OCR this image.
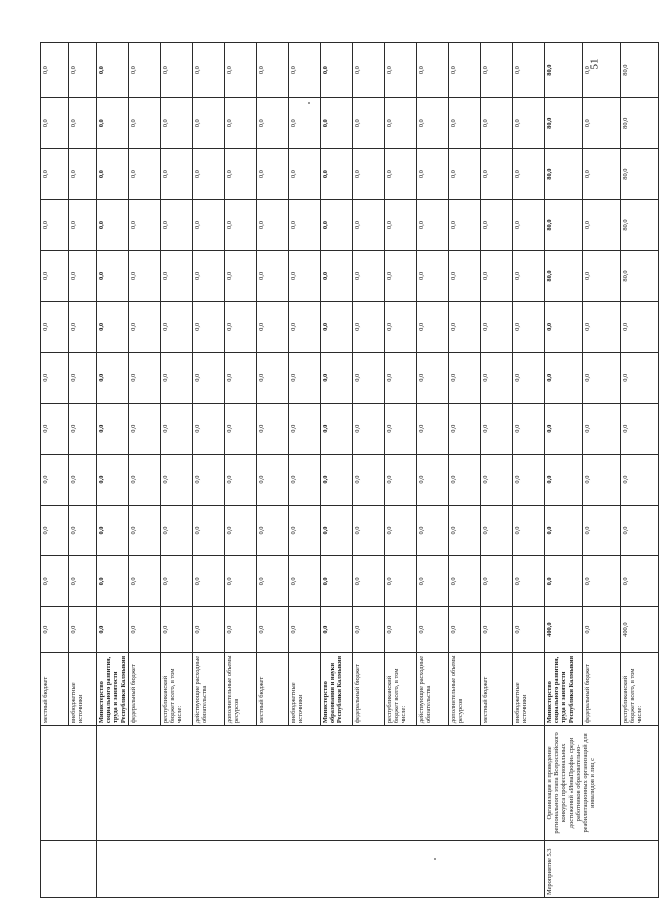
		местный бюджет	0,0	0,0	0,0	0,0	0,0	0,0	0,0	0,0	0,0	0,0	0,0	0,0
		внебюджетные источники	0,0	0,0	0,0	0,0	0,0	0,0	0,0	0,0	0,0	0,0	0,0	0,0
		Министерство социального развития, труда и занятости Республики Калмыкия	0,0	0,0	0,0	0,0	0,0	0,0	0,0	0,0	0,0	0,0	0,0	0,0
		федеральный бюджет	0,0	0,0	0,0	0,0	0,0	0,0	0,0	0,0	0,0	0,0	0,0	0,0
		республиканский бюджет всего, в том числе:	0,0	0,0	0,0	0,0	0,0	0,0	0,0	0,0	0,0	0,0	0,0	0,0
		действующие расходные обязательства	0,0	0,0	0,0	0,0	0,0	0,0	0,0	0,0	0,0	0,0	0,0	0,0
		дополнительные объемы ресурсов	0,0	0,0	0,0	0,0	0,0	0,0	0,0	0,0	0,0	0,0	0,0	0,0
		местный бюджет	0,0	0,0	0,0	0,0	0,0	0,0	0,0	0,0	0,0	0,0	0,0	0,0
		внебюджетные источники	0,0	0,0	0,0	0,0	0,0	0,0	0,0	0,0	0,0	0,0	0,0	0,0
		Министерство образования и науки Республики Калмыкия	0,0	0,0	0,0	0,0	0,0	0,0	0,0	0,0	0,0	0,0	0,0	0,0
		федеральный бюджет	0,0	0,0	0,0	0,0	0,0	0,0	0,0	0,0	0,0	0,0	0,0	0,0
		республиканский бюджет всего, в том числе:	0,0	0,0	0,0	0,0	0,0	0,0	0,0	0,0	0,0	0,0	0,0	0,0
		действующие расходные обязательства	0,0	0,0	0,0	0,0	0,0	0,0	0,0	0,0	0,0	0,0	0,0	0,0
		дополнительные объемы ресурсов	0,0	0,0	0,0	0,0	0,0	0,0	0,0	0,0	0,0	0,0	0,0	0,0
		местный бюджет	0,0	0,0	0,0	0,0	0,0	0,0	0,0	0,0	0,0	0,0	0,0	0,0
		внебюджетные источники	0,0	0,0	0,0	0,0	0,0	0,0	0,0	0,0	0,0	0,0	0,0	0,0
Мероприятие 5.3	Организация и проведение регионального этапа Всероссийского конкурса профессиональных достижений «ИнваПрофи» среди работников образовательно-реабилитационных организаций для инвалидов и лиц с	Министерство социального развития, труда и занятости Республики Калмыкия	400,0	0,0	0,0	0,0	0,0	0,0	0,0	80,0	80,0	80,0	80,0	80,0
		федеральный бюджет	0,0	0,0	0,0	0,0	0,0	0,0	0,0	0,0	0,0	0,0	0,0	0,0
		республиканский бюджет всего, в том числе:	400,0	0,0	0,0	0,0	0,0	0,0	0,0	80,0	80,0	80,0	80,0	80,0
51
